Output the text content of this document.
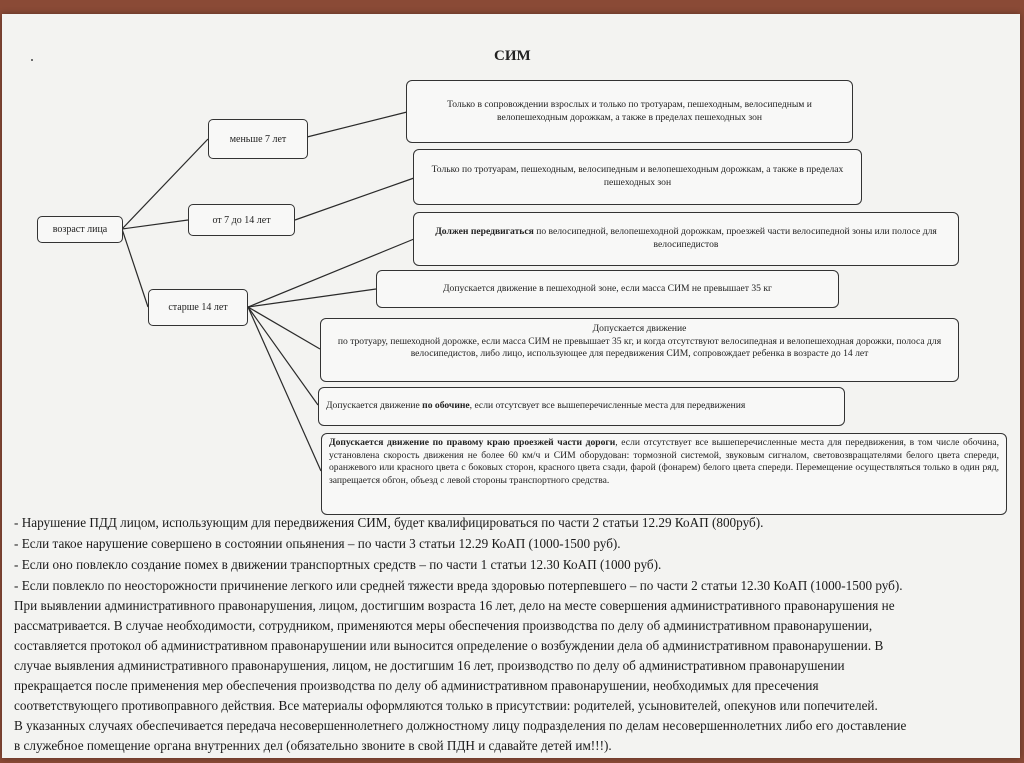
СИМ
возраст лица
меньше 7 лет
от 7 до 14 лет
старше 14 лет
Только в сопровождении взрослых и только по тротуарам, пешеходным, велосипедным и велопешеходным дорожкам, а также в пределах пешеходных зон
Только по тротуарам, пешеходным, велосипедным и велопешеходным дорожкам, а также в пределах пешеходных зон
Должен передвигаться по велосипедной, велопешеходной дорожкам, проезжей части велосипедной зоны или полосе для велосипедистов
Допускается движение в пешеходной зоне, если масса СИМ не превышает 35 кг
Допускается движение
по тротуару, пешеходной дорожке, если масса СИМ не превышает 35 кг, и когда отсутствуют велосипедная и велопешеходная дорожки, полоса для велосипедистов, либо лицо, использующее для передвижения СИМ, сопровождает ребенка в возрасте до 14 лет
Допускается движение по обочине, если отсутсвует все вышеперечисленные места для передвижения
Допускается движение по правому краю проезжей части дороги, если отсутствует все вышеперечисленные места для передвижения, в том числе обочина, установлена скорость движения не более 60 км/ч и СИМ оборудован: тормозной системой, звуковым сигналом, световозвращателями белого цвета спереди, оранжевого или красного цвета с боковых сторон, красного цвета сзади, фарой (фонарем) белого цвета спереди. Перемещение осуществляться только в один ряд, запрещается обгон, объезд с левой стороны транспортного средства.
- Нарушение ПДД лицом, использующим для передвижения СИМ, будет квалифицироваться по части 2 статьи 12.29 КоАП (800руб).
- Если такое нарушение совершено в состоянии опьянения – по части 3 статьи 12.29 КоАП (1000-1500 руб).
- Если оно повлекло создание помех в движении транспортных средств – по части 1 статьи 12.30 КоАП (1000 руб).
- Если повлекло по неосторожности причинение легкого или средней тяжести вреда здоровью потерпевшего – по части 2 статьи 12.30 КоАП (1000-1500 руб).
При выявлении административного правонарушения, лицом, достигшим возраста 16 лет, дело на месте совершения административного правонарушения не
рассматривается. В случае необходимости, сотрудником, применяются меры обеспечения производства по делу об административном правонарушении,
составляется протокол об административном правонарушении или выносится определение о возбуждении дела об административном правонарушении. В
случае выявления административного правонарушения, лицом, не достигшим 16 лет, производство по делу об административном правонарушении
прекращается после применения мер обеспечения производства по делу об административном правонарушении, необходимых для пресечения
соответствующего противоправного действия. Все материалы оформляются только в присутствии: родителей, усыновителей, опекунов или попечителей.
В указанных случаях обеспечивается передача несовершеннолетнего должностному лицу подразделения по делам несовершеннолетних либо его доставление
в служебное помещение органа внутренних дел (обязательно звоните в свой ПДН и сдавайте детей им!!!).
